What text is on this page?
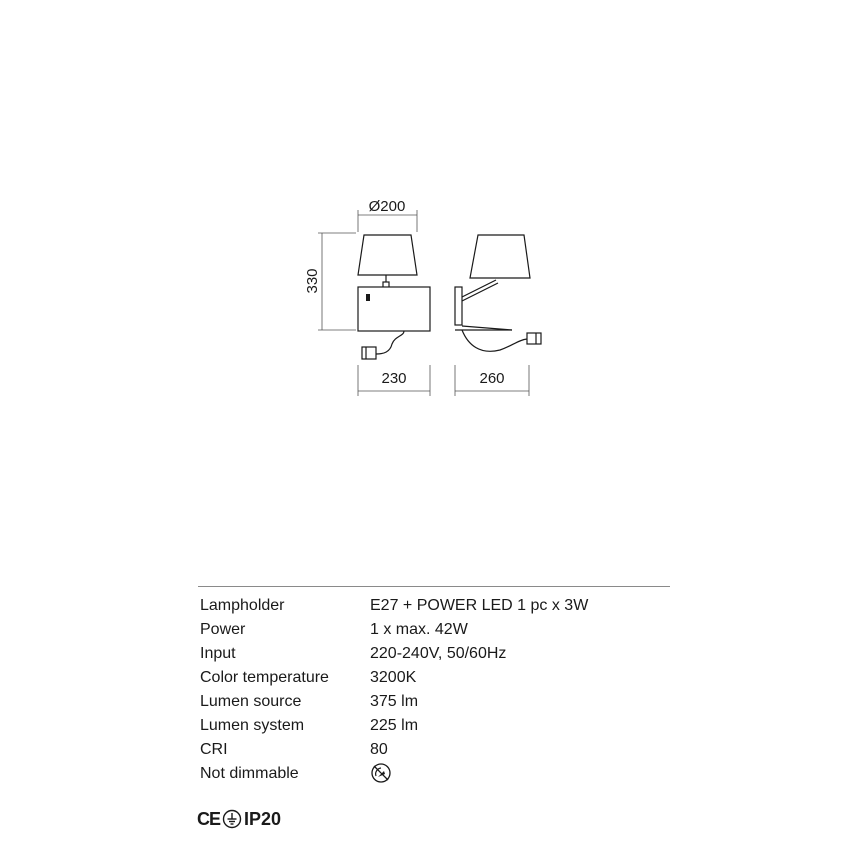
Ø200
330
230	260
Lampholder	E27 + POWER LED 1 pc x 3W
Power	1 x max. 42W
Input	220-240V, 50/60Hz
Color temperature	3200K
Lumen source	375 lm
Lumen system	225 lm
CRI	80
Not dimmable
CE IP20
